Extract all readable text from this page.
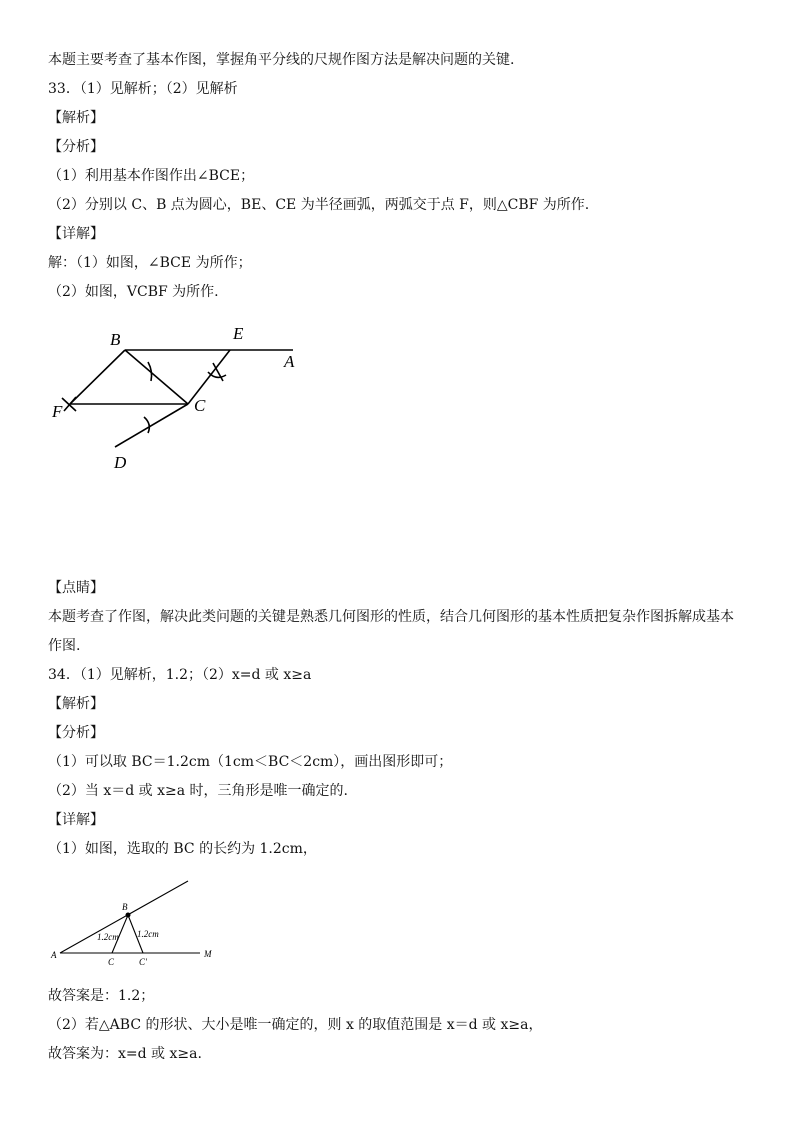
本题主要考查了基本作图，掌握角平分线的尺规作图方法是解决问题的关键.
33．（1）见解析；（2）见解析
【解析】
【分析】
（1）利用基本作图作出∠BCE；
（2）分别以 C、B 点为圆心，BE、CE 为半径画弧，两弧交于点 F，则△CBF 为所作.
【详解】
解：（1）如图，∠BCE 为所作；
（2）如图，VCBF 为所作.
B	E
A
F	C
D
【点睛】
本题考查了作图，解决此类问题的关键是熟悉几何图形的性质，结合几何图形的基本性质把复杂作图拆解成基本
作图.
34．（1）见解析，1.2；（2）x=d 或 x≥a
【解析】
【分析】
（1）可以取 BC＝1.2cm（1cm＜BC＜2cm），画出图形即可；
（2）当 x＝d 或 x≥a 时，三角形是唯一确定的.
【详解】
（1）如图，选取的 BC 的长约为 1.2cm，
B
A
C	C'
M
1.2cm 1.2cm
故答案是：1.2；
（2）若△ABC 的形状、大小是唯一确定的，则 x 的取值范围是 x＝d 或 x≥a，
故答案为：x=d 或 x≥a.
